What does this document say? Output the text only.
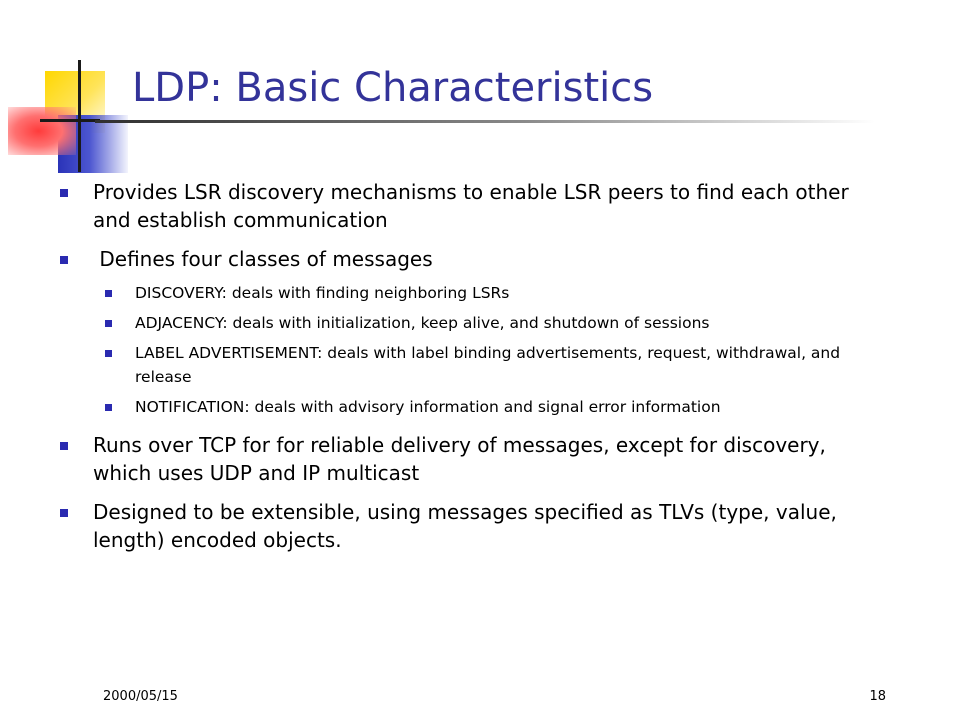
LDP: Basic Characteristics
Provides LSR discovery mechanisms to enable LSR peers to find each other and establish communication
Defines four classes of messages
DISCOVERY: deals with finding neighboring LSRs
ADJACENCY: deals with initialization, keep alive, and shutdown of sessions
LABEL ADVERTISEMENT: deals with label binding advertisements, request, withdrawal, and release
NOTIFICATION: deals with advisory information and signal error information
Runs over TCP for for reliable delivery of messages, except for discovery, which uses UDP and IP multicast
Designed to be extensible, using messages specified as TLVs (type, value, length) encoded objects.
2000/05/15	18
